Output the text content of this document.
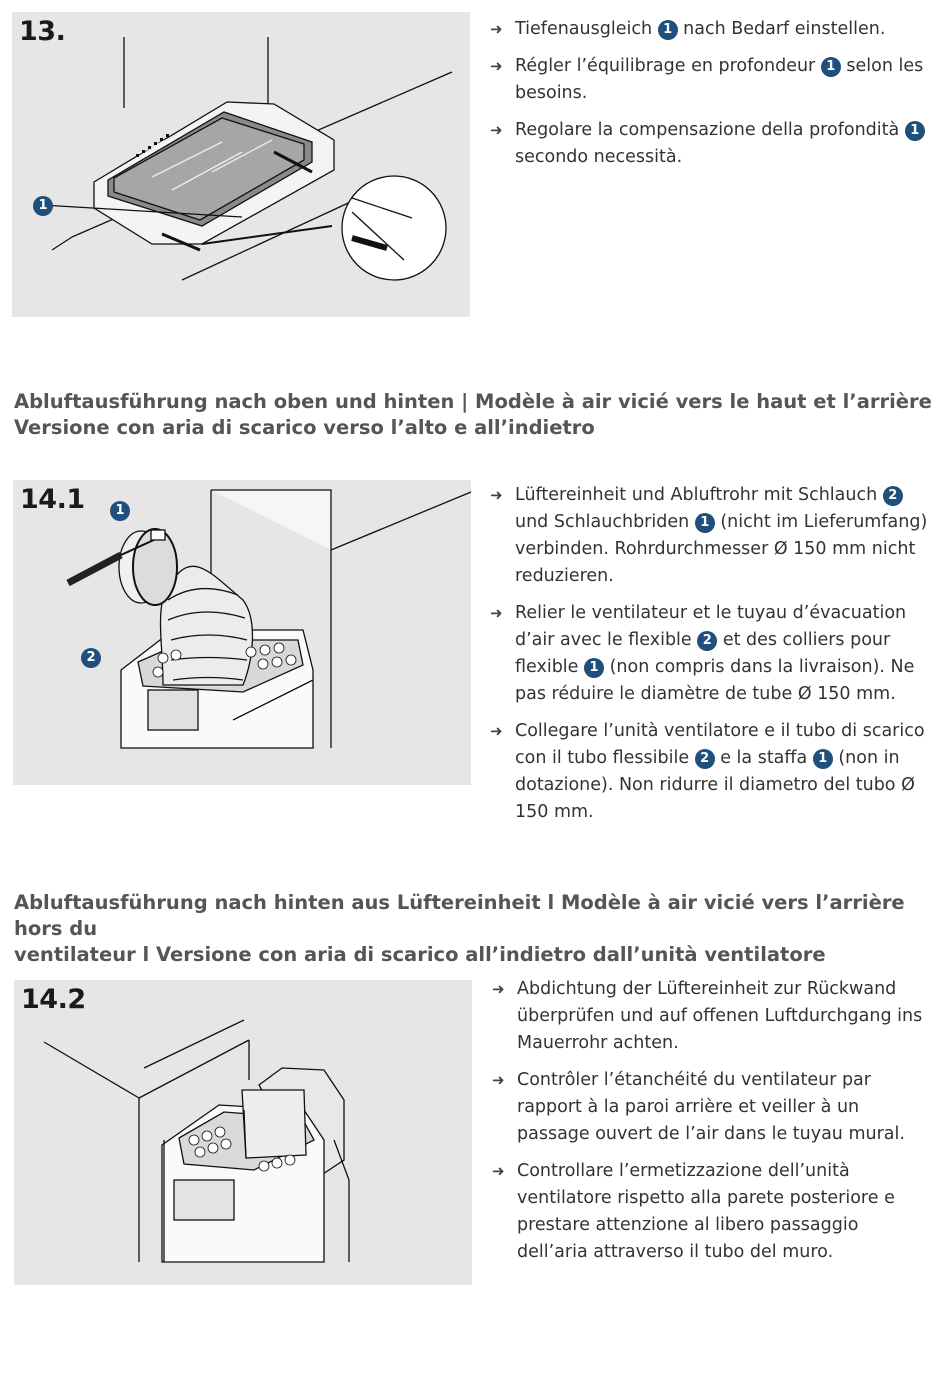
13.
1
➜ Tiefenausgleich 1 nach Bedarf einstellen.
➜ Régler l’équilibrage en profondeur 1 selon les besoins.
➜ Regolare la compensazione della profondità 1 secondo necessità.
Abluftausführung nach oben und hinten | Modèle à air vicié vers le haut et l’arrière
Versione con aria di scarico verso l’alto e all’indietro
14.1	1
2
➜ Lüftereinheit und Abluftrohr mit Schlauch 2 und Schlauchbriden 1 (nicht im Lieferumfang) verbinden. Rohrdurchmesser Ø 150 mm nicht reduzieren.
➜ Relier le ventilateur et le tuyau d’évacuation d’air avec le flexible 2 et des colliers pour flexible 1 (non compris dans la livraison). Ne pas réduire le diamètre de tube Ø 150 mm.
➜ Collegare l’unità ventilatore e il tubo di scarico con il tubo flessibile 2 e la staffa 1 (non in dotazione). Non ridurre il diametro del tubo Ø 150 mm.
Abluftausführung nach hinten aus Lüftereinheit l Modèle à air vicié vers l’arrière hors du
ventilateur l Versione con aria di scarico all’indietro dall’unità ventilatore
14.2	➜ Abdichtung der Lüftereinheit zur Rückwand überprüfen und auf offenen Luftdurchgang ins Mauerrohr achten.
➜ Contrôler l’étanchéité du ventilateur par rapport à la paroi arrière et veiller à un passage ouvert de l’air dans le tuyau mural.
➜ Controllare l’ermetizzazione dell’unità ventilatore rispetto alla parete posteriore e prestare attenzione al libero passaggio dell’aria attraverso il tubo del muro.
